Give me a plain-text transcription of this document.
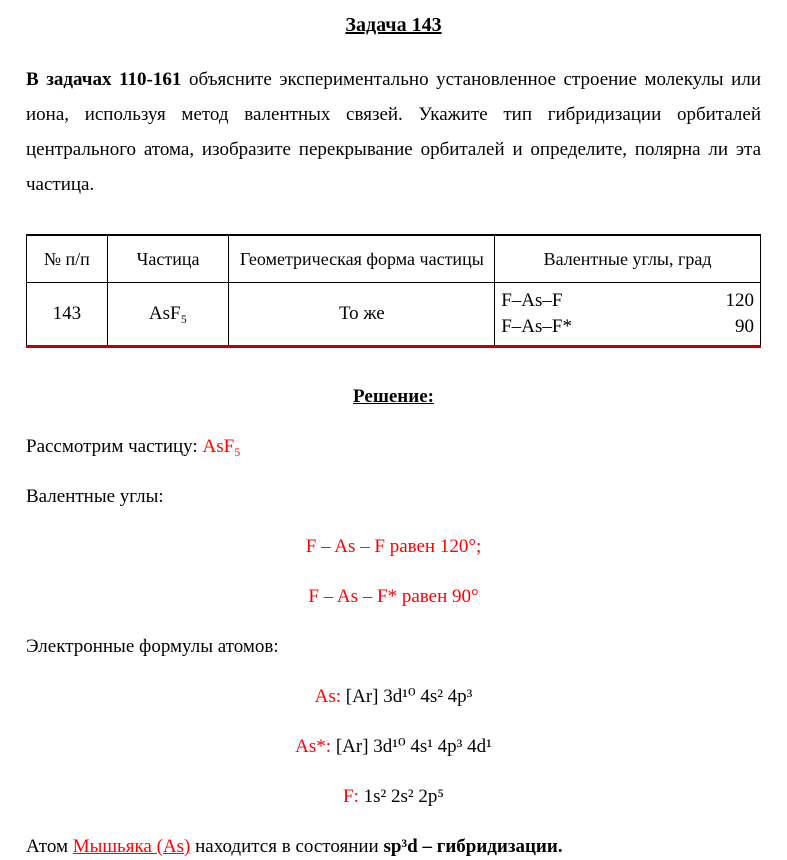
Задача 143

В задачах 110-161 объясните экспериментально установленное строение молекулы или иона, используя метод валентных связей. Укажите тип гибридизации орбиталей центрального атома, изобразите перекрывание орбиталей и определите, полярна ли эта частица.

№ п/п	Частица	Геометрическая форма частицы	Валентные углы, град
143	AsF₅	То же	F–As–F 120
F–As–F* 90

Решение:

Рассмотрим частицу: AsF₅

Валентные углы:

F – As – F равен 120°;

F – As – F* равен 90°

Электронные формулы атомов:

As: [Ar] 3d¹⁰ 4s² 4p³

As*: [Ar] 3d¹⁰ 4s¹ 4p³ 4d¹

F: 1s² 2s² 2p⁵

Атом Мышьяка (As) находится в состоянии sp³d – гибридизации.
